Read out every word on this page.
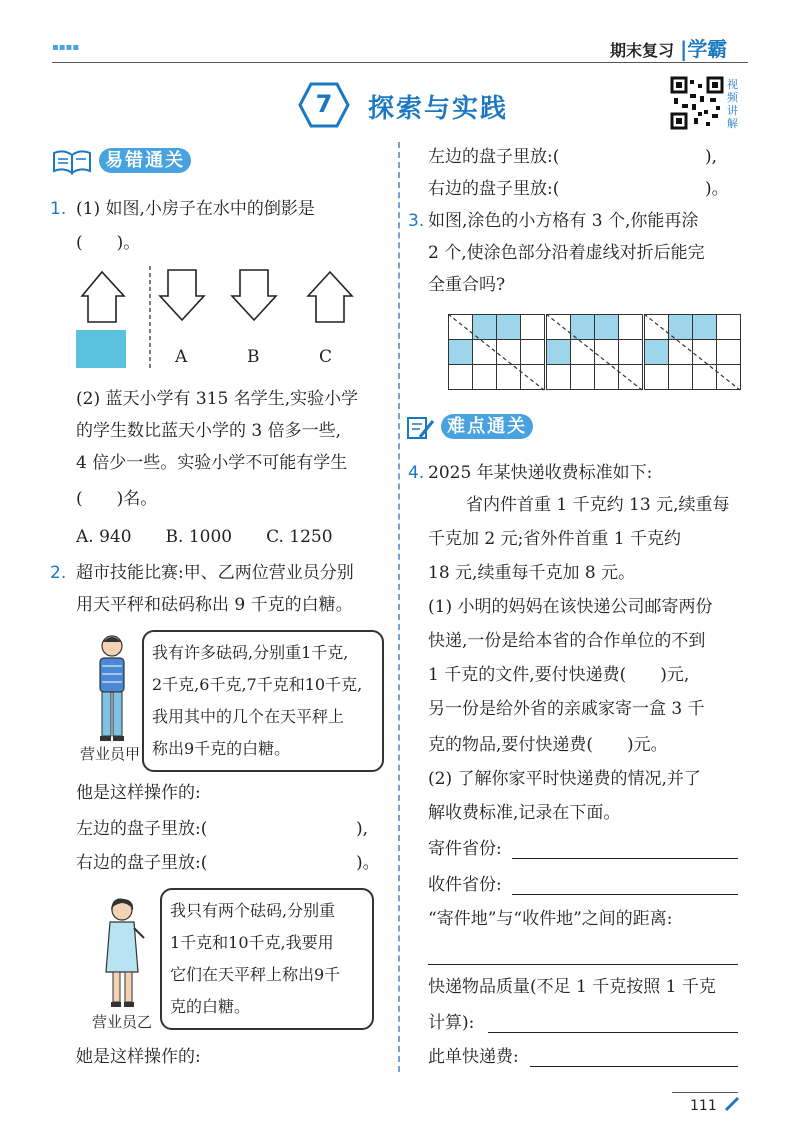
▪▪▪▪	期末复习 |学霸
7	探索与实践
视频讲解
易错通关
1. (1) 如图,小房子在水中的倒影是
(　　)。
A	B	C
(2) 蓝天小学有 315 名学生,实验小学
的学生数比蓝天小学的 3 倍多一些,
4 倍少一些。实验小学不可能有学生
(　　)名。
A. 940　　B. 1000　　C. 1250
2. 超市技能比赛:甲、乙两位营业员分别
用天平秤和砝码称出 9 千克的白糖。
营业员甲
我有许多砝码,分别重1千克,
2千克,6千克,7千克和10千克,
我用其中的几个在天平秤上
称出9千克的白糖。
他是这样操作的:
左边的盘子里放:(	),
右边的盘子里放:(	)。
营业员乙
我只有两个砝码,分别重
1千克和10千克,我要用
它们在天平秤上称出9千
克的白糖。
她是这样操作的:
左边的盘子里放:(	),
右边的盘子里放:(	)。
3. 如图,涂色的小方格有 3 个,你能再涂
2 个,使涂色部分沿着虚线对折后能完
全重合吗?
难点通关
4. 2025 年某快递收费标准如下:
省内件首重 1 千克约 13 元,续重每
千克加 2 元;省外件首重 1 千克约
18 元,续重每千克加 8 元。
(1) 小明的妈妈在该快递公司邮寄两份
快递,一份是给本省的合作单位的不到
1 千克的文件,要付快递费(　　)元,
另一份是给外省的亲戚家寄一盒 3 千
克的物品,要付快递费(　　)元。
(2) 了解你家平时快递费的情况,并了
解收费标准,记录在下面。
寄件省份:
收件省份:
“寄件地”与“收件地”之间的距离:
快递物品质量(不足 1 千克按照 1 千克
计算):
此单快递费:
111
